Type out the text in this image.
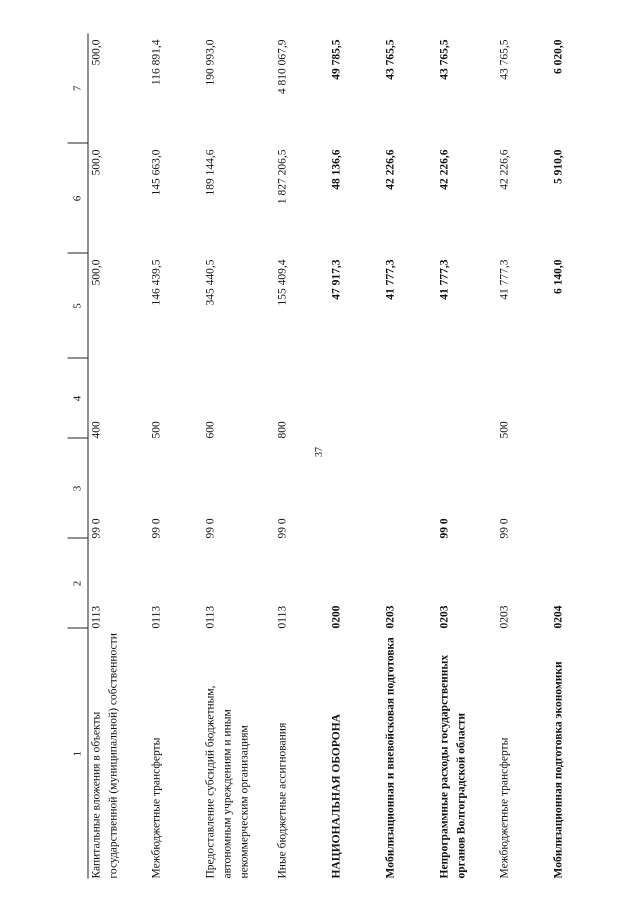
37
1	2	3	4	5	6	7
Капитальные вложения в объекты государственной (муниципальной) собственности	0113	99 0	400	500,0	500,0	500,0
Межбюджетные трансферты	0113	99 0	500	146 439,5	145 663,0	116 891,4
Предоставление субсидий бюджетным, автономным учреждениям и иным некоммерческим организациям	0113	99 0	600	345 440,5	189 144,6	190 993,0
Иные бюджетные ассигнования	0113	99 0	800	155 409,4	1 827 206,5	4 810 067,9
НАЦИОНАЛЬНАЯ ОБОРОНА	0200			47 917,3	48 136,6	49 785,5
Мобилизационная и вневойсковая подготовка	0203			41 777,3	42 226,6	43 765,5
Непрограммные расходы государственных органов Волгоградской области	0203	99 0		41 777,3	42 226,6	43 765,5
Межбюджетные трансферты	0203	99 0	500	41 777,3	42 226,6	43 765,5
Мобилизационная подготовка экономики	0204			6 140,0	5 910,0	6 020,0
